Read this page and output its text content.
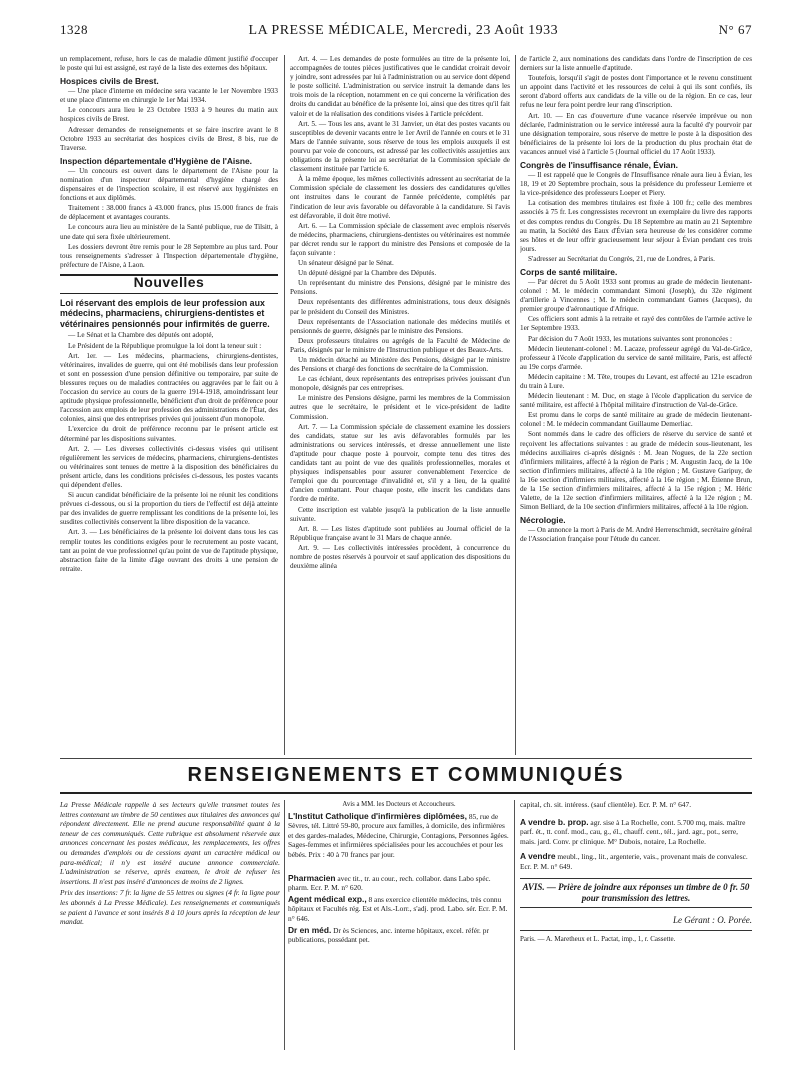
1328	LA PRESSE MÉDICALE, Mercredi, 23 Août 1933	N° 67

un remplacement, refuse, hors le cas de maladie dûment justifié d'occuper le poste qui lui est assigné, est rayé de la liste des externes des hôpitaux.

Hospices civils de Brest.

— Une place d'interne en médecine sera vacante le 1er Novembre 1933 et une place d'interne en chirurgie le 1er Mai 1934.

Le concours aura lieu le 23 Octobre 1933 à 9 heures du matin aux hospices civils de Brest.

Adresser demandes de renseignements et se faire inscrire avant le 8 Octobre 1933 au secrétariat des hospices civils de Brest, 8 bis, rue de Traverse.

Inspection départementale d'Hygiène de l'Aisne.

— Un concours est ouvert dans le département de l'Aisne pour la nomination d'un inspecteur départemental d'hygiène chargé des dispensaires et de l'inspection scolaire, il est réservé aux hygiénistes en fonctions et aux diplômés.

Traitement : 38.000 francs à 43.000 francs, plus 15.000 francs de frais de déplacement et avantages courants.

Le concours aura lieu au ministère de la Santé publique, rue de Tilsitt, à une date qui sera fixée ultérieurement.

Les dossiers devront être remis pour le 28 Septembre au plus tard. Pour tous renseignements s'adresser à l'Inspection départementale d'hygiène, préfecture de l'Aisne, à Laon.

Nouvelles
Loi réservant des emplois de leur profession aux médecins, pharmaciens, chirurgiens-dentistes et vétérinaires pensionnés pour infirmités de guerre.

— Le Sénat et la Chambre des députés ont adopté,

Le Président de la République promulgue la loi dont la teneur suit :

Art. 1er. — Les médecins, pharmaciens, chirurgiens-dentistes, vétérinaires, invalides de guerre, qui ont été mobilisés dans leur profession et sont en possession d'une pension définitive ou temporaire, par suite de blessures reçues ou de maladies contractées ou aggravées par le fait ou à l'occasion du service au cours de la guerre 1914-1918, amoindrissant leur aptitude physique professionnelle, bénéficient d'un droit de préférence pour l'accession aux emplois de leur profession des administrations de l'État, des colonies, ainsi que des entreprises privées qui jouissent d'un monopole.

L'exercice du droit de préférence reconnu par le présent article est déterminé par les dispositions suivantes.

Art. 2. — Les diverses collectivités ci-dessus visées qui utilisent régulièrement les services de médecins, pharmaciens, chirurgiens-dentistes ou vétérinaires sont tenues de mettre à la disposition des bénéficiaires du présent article, dans les conditions précisées ci-dessous, les postes vacants qui dépendent d'elles.

Si aucun candidat bénéficiaire de la présente loi ne réunit les conditions prévues ci-dessous, ou si la proportion du tiers de l'effectif est déjà atteinte par des invalides de guerre remplissant les conditions de la présente loi, les susdites collectivités conservent la libre disposition de la vacance.

Art. 3. — Les bénéficiaires de la présente loi doivent dans tous les cas remplir toutes les conditions exigées pour le recrutement au poste vacant, tant au point de vue professionnel qu'au point de vue de l'aptitude physique, abstraction faite de la limite d'âge ouvrant des droits à une pension de retraite.

Art. 4. — Les demandes de poste formulées au titre de la présente loi, accompagnées de toutes pièces justificatives que le candidat croirait devoir y joindre, sont adressées par lui à l'administration ou au service dont dépend le poste sollicité. L'administration ou service instruit la demande dans les trois mois de la réception, notamment en ce qui concerne la vérification des droits du candidat au bénéfice de la présente loi, ainsi que des titres qu'il fait valoir et de la réalisation des conditions visées à l'article précédent.

Art. 5. — Tous les ans, avant le 31 Janvier, un état des postes vacants ou susceptibles de devenir vacants entre le 1er Avril de l'année en cours et le 31 Mars de l'année suivante, sous réserve de tous les emplois auxquels il est pourvu par voie de concours, est adressé par les collectivités assujetties aux obligations de la présente loi au secrétariat de la Commission spéciale de classement instituée par l'article 6.

À la même époque, les mêmes collectivités adressent au secrétariat de la Commission spéciale de classement les dossiers des candidatures qu'elles ont instruites dans le courant de l'année précédente, complétés par l'indication de leur avis favorable ou défavorable à la candidature. Si l'avis est défavorable, il doit être motivé.

Art. 6. — La Commission spéciale de classement avec emplois réservés de médecins, pharmaciens, chirurgiens-dentistes ou vétérinaires est nommée par décret rendu sur le rapport du ministre des Pensions et composée de la façon suivante :

Un sénateur désigné par le Sénat.

Un député désigné par la Chambre des Députés.

Un représentant du ministre des Pensions, désigné par le ministre des Pensions.

Deux représentants des différentes administrations, tous deux désignés par le président du Conseil des Ministres.

Deux représentants de l'Association nationale des médecins mutilés et pensionnés de guerre, désignés par le ministre des Pensions.

Deux professeurs titulaires ou agrégés de la Faculté de Médecine de Paris, désignés par le ministre de l'Instruction publique et des Beaux-Arts.

Un médecin détaché au Ministère des Pensions, désigné par le ministre des Pensions et chargé des fonctions de secrétaire de la Commission.

Le cas échéant, deux représentants des entreprises privées jouissant d'un monopole, désignés par ces entreprises.

Le ministre des Pensions désigne, parmi les membres de la Commission autres que le secrétaire, le président et le vice-président de ladite Commission.

Art. 7. — La Commission spéciale de classement examine les dossiers des candidats, statue sur les avis défavorables formulés par les administrations ou services intéressés, et dresse annuellement une liste d'aptitude pour chaque poste à pourvoir, compte tenu des titres des candidats tant au point de vue des qualités professionnelles, morales et physiques indispensables pour assurer convenablement l'exercice de l'emploi que du pourcentage d'invalidité et, s'il y a lieu, de la qualité d'ancien combattant. Pour chaque poste, elle inscrit les candidats dans l'ordre de mérite.

Cette inscription est valable jusqu'à la publication de la liste annuelle suivante.

Art. 8. — Les listes d'aptitude sont publiées au Journal officiel de la République française avant le 31 Mars de chaque année.

Art. 9. — Les collectivités intéressées procèdent, à concurrence du nombre de postes réservés à pourvoir et sauf application des dispositions du deuxième alinéa

de l'article 2, aux nominations des candidats dans l'ordre de l'inscription de ces derniers sur la liste annuelle d'aptitude.

Toutefois, lorsqu'il s'agit de postes dont l'importance et le revenu constituent un appoint dans l'activité et les ressources de celui à qui ils sont confiés, ils seront d'abord offerts aux candidats de la ville ou de la région. En ce cas, leur refus ne leur fera point perdre leur rang d'inscription.

Art. 10. — En cas d'ouverture d'une vacance réservée imprévue ou non déclarée, l'administration ou le service intéressé aura la faculté d'y pourvoir par une désignation temporaire, sous réserve de mettre le poste à la disposition des bénéficiaires de la présente loi lors de la production du plus prochain état de vacances annuel visé à l'article 5 (Journal officiel du 17 Août 1933).

Congrès de l'insuffisance rénale, Évian.

— Il est rappelé que le Congrès de l'Insuffisance rénale aura lieu à Évian, les 18, 19 et 20 Septembre prochain, sous la présidence du professeur Lemierre et la vice-présidence des professeurs Loeper et Piery.

La cotisation des membres titulaires est fixée à 100 fr.; celle des membres associés à 75 fr. Les congressistes recevront un exemplaire du livre des rapports et des comptes rendus du Congrès. Du 18 Septembre au matin au 21 Septembre au matin, la Société des Eaux d'Évian sera heureuse de les considérer comme ses hôtes et de leur offrir gracieusement leur séjour à Évian pendant ces trois jours.

S'adresser au Secrétariat du Congrès, 21, rue de Londres, à Paris.

Corps de santé militaire.

— Par décret du 5 Août 1933 sont promus au grade de médecin lieutenant-colonel : M. le médecin commandant Simoni (Joseph), du 32e régiment d'artillerie à Vincennes ; M. le médecin commandant Games (Jacques), du premier groupe d'aéronautique d'Afrique.

Ces officiers sont admis à la retraite et rayé des contrôles de l'armée active le 1er Septembre 1933.

Par décision du 7 Août 1933, les mutations suivantes sont prononcées :

Médecin lieutenant-colonel : M. Lacaze, professeur agrégé du Val-de-Grâce, professeur à l'école d'application du service de santé militaire, Paris, est affecté au 19e corps d'armée.

Médecin capitaine : M. Tête, troupes du Levant, est affecté au 121e escadron du train à Lure.

Médecin lieutenant : M. Duc, en stage à l'école d'application du service de santé militaire, est affecté à l'hôpital militaire d'instruction de Val-de-Grâce.

Est promu dans le corps de santé militaire au grade de médecin lieutenant-colonel : M. le médecin commandant Guillaume Demerliac.

Sont nommés dans le cadre des officiers de réserve du service de santé et reçoivent les affectations suivantes : au grade de médecin sous-lieutenant, les médecins auxiliaires ci-après désignés : M. Jean Nogues, de la 22e section d'infirmiers militaires, affecté à la région de Paris ; M. Augustin Jacq, de la 10e section d'infirmiers militaires, affecté à la 10e région ; M. Gustave Garipuy, de la 16e section d'infirmiers militaires, affecté à la 16e région ; M. Étienne Brun, de la 15e section d'infirmiers militaires, affecté à la 15e région ; M. Héric Valette, de la 12e section d'infirmiers militaires, affecté à la 12e région ; M. Simon Belliard, de la 10e section d'infirmiers militaires, affecté à la 10e région.

Nécrologie.

— On annonce la mort à Paris de M. André Herrenschmidt, secrétaire général de l'Association française pour l'étude du cancer.

RENSEIGNEMENTS ET COMMUNIQUÉS

La Presse Médicale rappelle à ses lecteurs qu'elle transmet toutes les lettres contenant un timbre de 50 centimes aux titulaires des annonces qui répondent directement. Elle ne prend aucune responsabilité quant à la teneur de ces communiqués. Cette rubrique est absolument réservée aux annonces concernant les postes médicaux, les remplacements, les offres ou demandes d'emplois ou de cessions ayant un caractère médical ou para-médical; il n'y est inséré aucune annonce commerciale. L'administration se réserve, après examen, le droit de refuser les insertions. Il n'est pas inséré d'annonces de moins de 2 lignes.

Prix des insertions: 7 fr. la ligne de 55 lettres ou signes (4 fr. la ligne pour les abonnés à La Presse Médicale). Les renseignements et communiqués se paient à l'avance et sont insérés 8 à 10 jours après la réception de leur mandat.

Avis a MM. les Docteurs et Accoucheurs.

L'Institut Catholique d'infirmières diplômées, 85, rue de Sèvres, tél. Littré 59-80, procure aux familles, à domicile, des infirmières et des gardes-malades, Médecine, Chirurgie, Contagions, Personnes âgées. Sages-femmes et infirmières spécialisées pour les accouchées et pour les bébés. Prix : 40 à 70 francs par jour.

Pharmacien avec tit., tr. au cour., rech. collabor. dans Labo spéc. pharm. Ecr. P. M. n° 620.

Agent médical exp., 8 ans exercice clientèle médecins, très connu hôpitaux et Facultés rég. Est et Als.-Lorr., s'adj. prod. Labo. sér. Ecr. P. M. n° 646.

Dr en méd. Dr ès Sciences, anc. interne hôpitaux, excel. référ. pr publications, possédant pet.

capital, ch. sit. intéress. (sauf clientèle). Ecr. P. M. n° 647.

A vendre b. prop. agr. sise à La Rochelle, cont. 5.700 mq, mais. maître parf. ét., tt. conf. mod., cau, g., él., chauff. cent., tél., jard. agr., pot., serre, mais. jard. Conv. pr clinique. M° Dubois, notaire, La Rochelle.

A vendre meubl., ling., lit., argenterie, vais., provenant mais de convalesc. Ecr. P. M. n° 649.

AVIS. — Prière de joindre aux réponses un timbre de 0 fr. 50 pour transmission des lettres.
Le Gérant : O. Porée.
Paris. — A. Maretheux et L. Pactat, imp., 1, r. Cassette.
